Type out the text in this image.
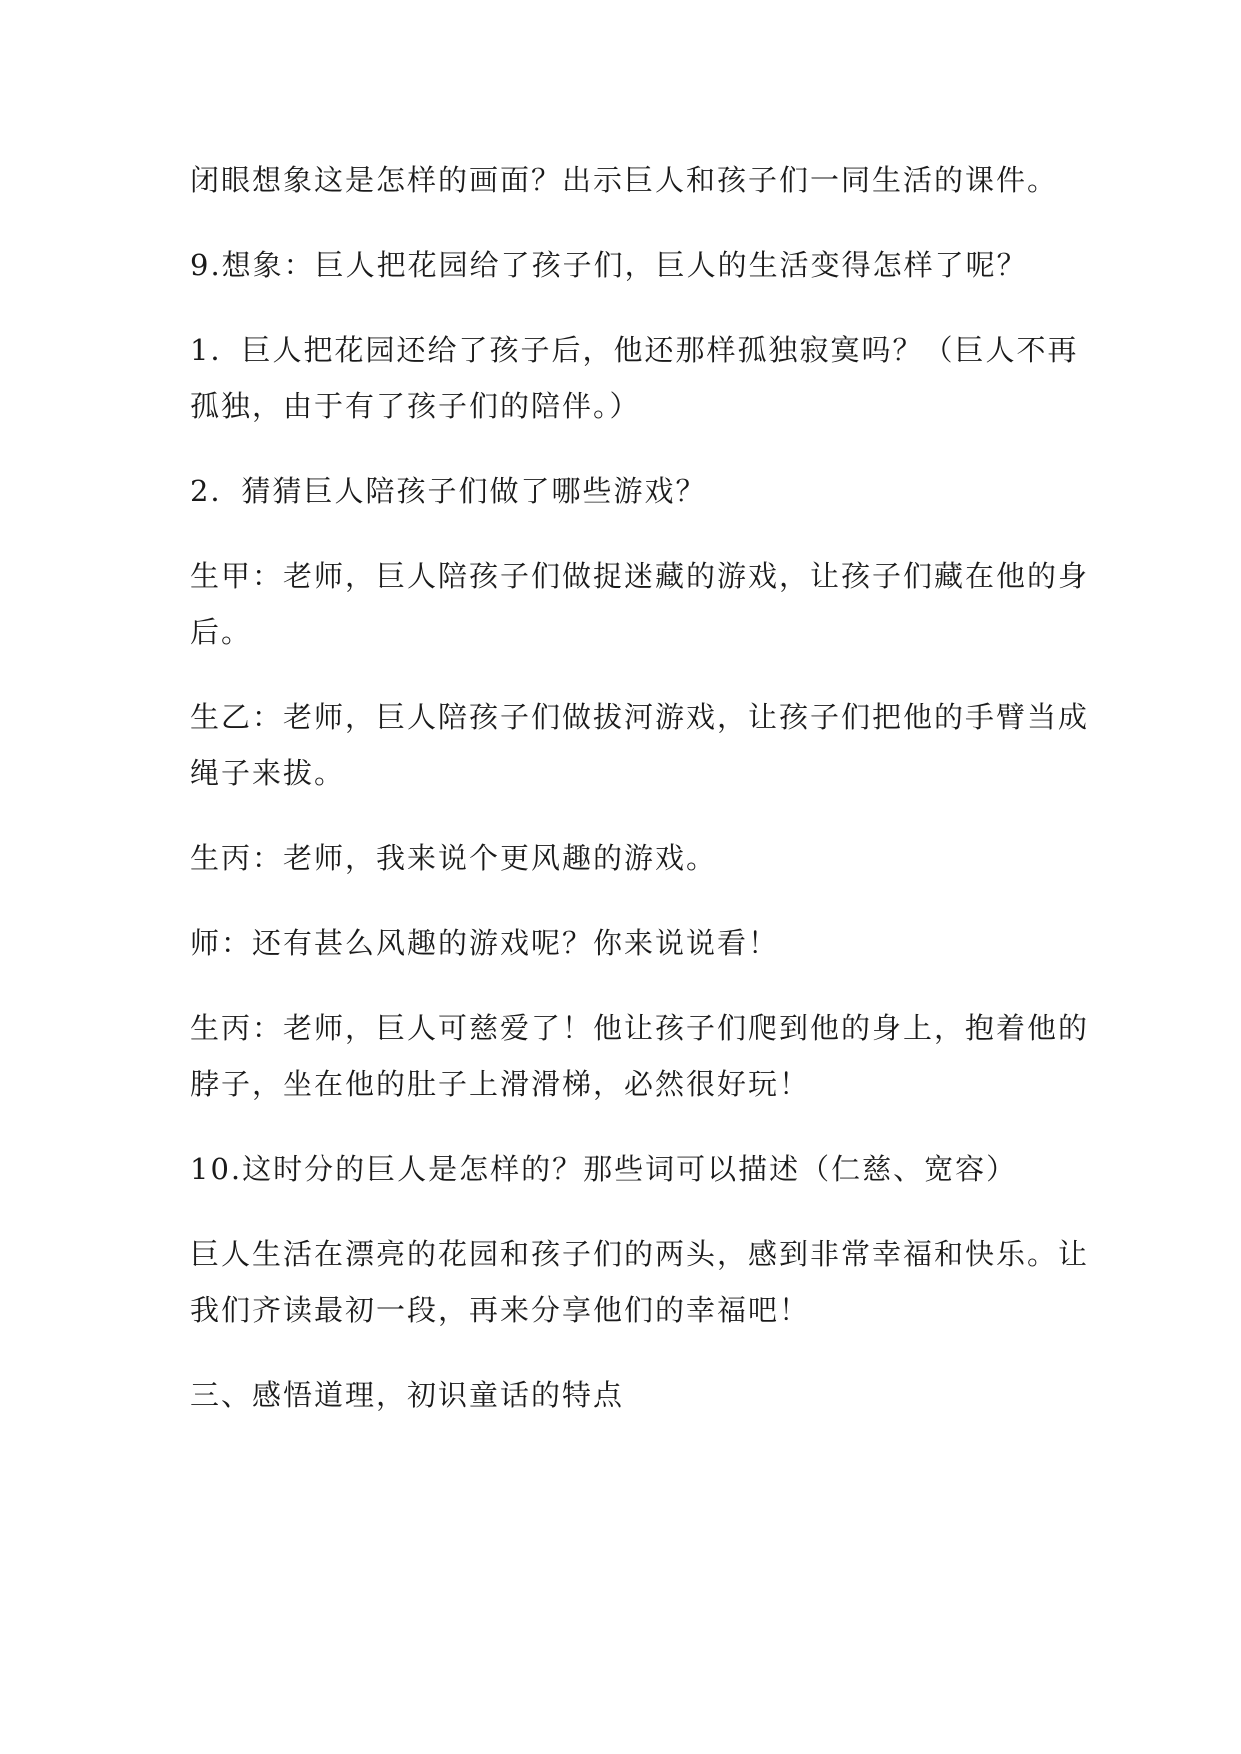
闭眼想象这是怎样的画面？出示巨人和孩子们一同生活的课件。
9.想象：巨人把花园给了孩子们，巨人的生活变得怎样了呢？
1．巨人把花园还给了孩子后，他还那样孤独寂寞吗？（巨人不再
孤独，由于有了孩子们的陪伴。）
2．猜猜巨人陪孩子们做了哪些游戏？
生甲：老师，巨人陪孩子们做捉迷藏的游戏，让孩子们藏在他的身
后。
生乙：老师，巨人陪孩子们做拔河游戏，让孩子们把他的手臂当成
绳子来拔。
生丙：老师，我来说个更风趣的游戏。
师：还有甚么风趣的游戏呢？你来说说看！
生丙：老师，巨人可慈爱了！他让孩子们爬到他的身上，抱着他的
脖子，坐在他的肚子上滑滑梯，必然很好玩！
10.这时分的巨人是怎样的？那些词可以描述（仁慈、宽容）
巨人生活在漂亮的花园和孩子们的两头，感到非常幸福和快乐。让
我们齐读最初一段，再来分享他们的幸福吧！
三、感悟道理，初识童话的特点
